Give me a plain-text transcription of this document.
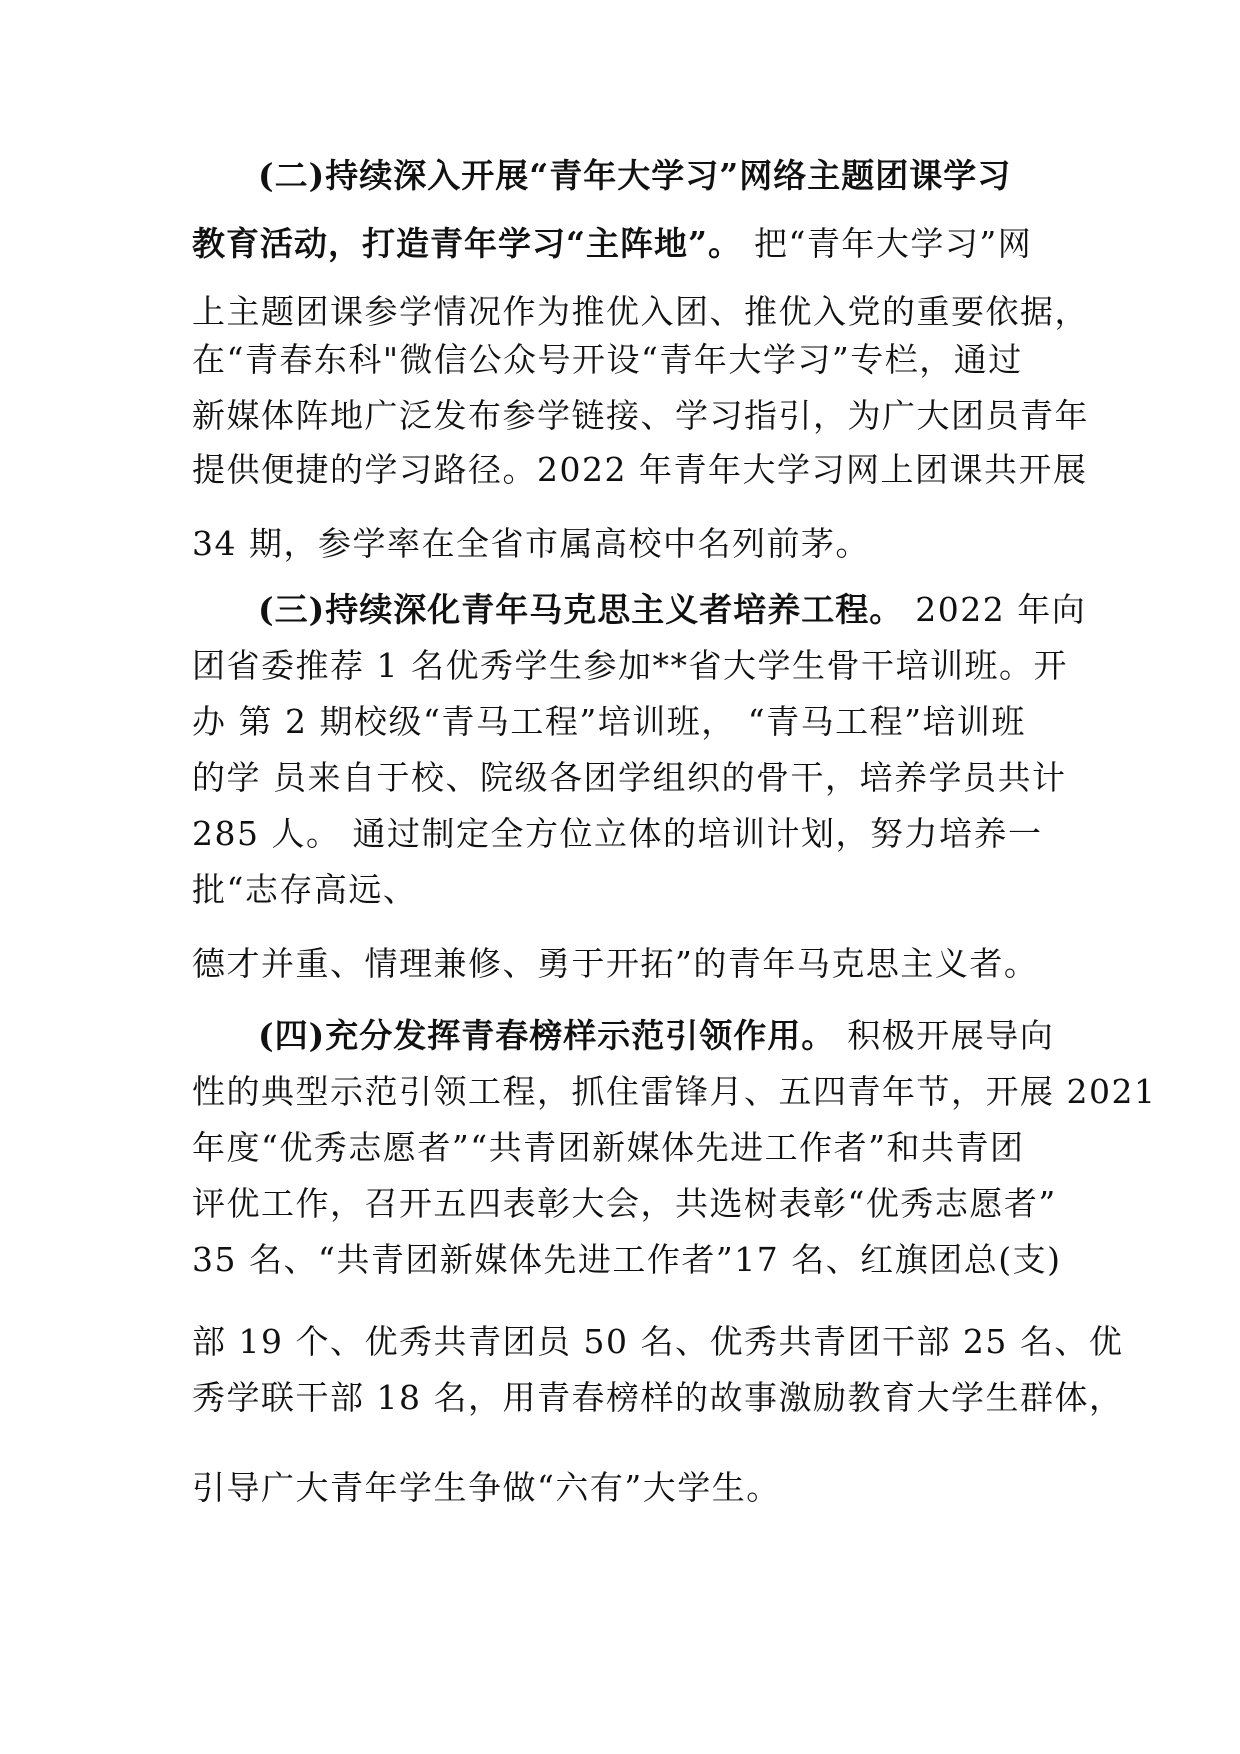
(二)持续深入开展“青年大学习”网络主题团课学习
教育活动，打造青年学习“主阵地”。 把“青年大学习”网
上主题团课参学情况作为推优入团、推优入党的重要依据，
在“青春东科"微信公众号开设“青年大学习”专栏，通过
新媒体阵地广泛发布参学链接、学习指引，为广大团员青年
提供便捷的学习路径。2022 年青年大学习网上团课共开展
34 期，参学率在全省市属高校中名列前茅。
(三)持续深化青年马克思主义者培养工程。 2022 年向
团省委推荐 1 名优秀学生参加**省大学生骨干培训班。开
办 第 2 期校级“青马工程”培训班， “青马工程”培训班
的学 员来自于校、院级各团学组织的骨干，培养学员共计
285 人。 通过制定全方位立体的培训计划，努力培养一
批“志存高远、
德才并重、情理兼修、勇于开拓”的青年马克思主义者。
(四)充分发挥青春榜样示范引领作用。 积极开展导向
性的典型示范引领工程，抓住雷锋月、五四青年节，开展 2021
年度“优秀志愿者”“共青团新媒体先进工作者”和共青团
评优工作，召开五四表彰大会，共选树表彰“优秀志愿者”
35 名、“共青团新媒体先进工作者”17 名、红旗团总(支)
部 19 个、优秀共青团员 50 名、优秀共青团干部 25 名、优
秀学联干部 18 名，用青春榜样的故事激励教育大学生群体，
引导广大青年学生争做“六有”大学生。
